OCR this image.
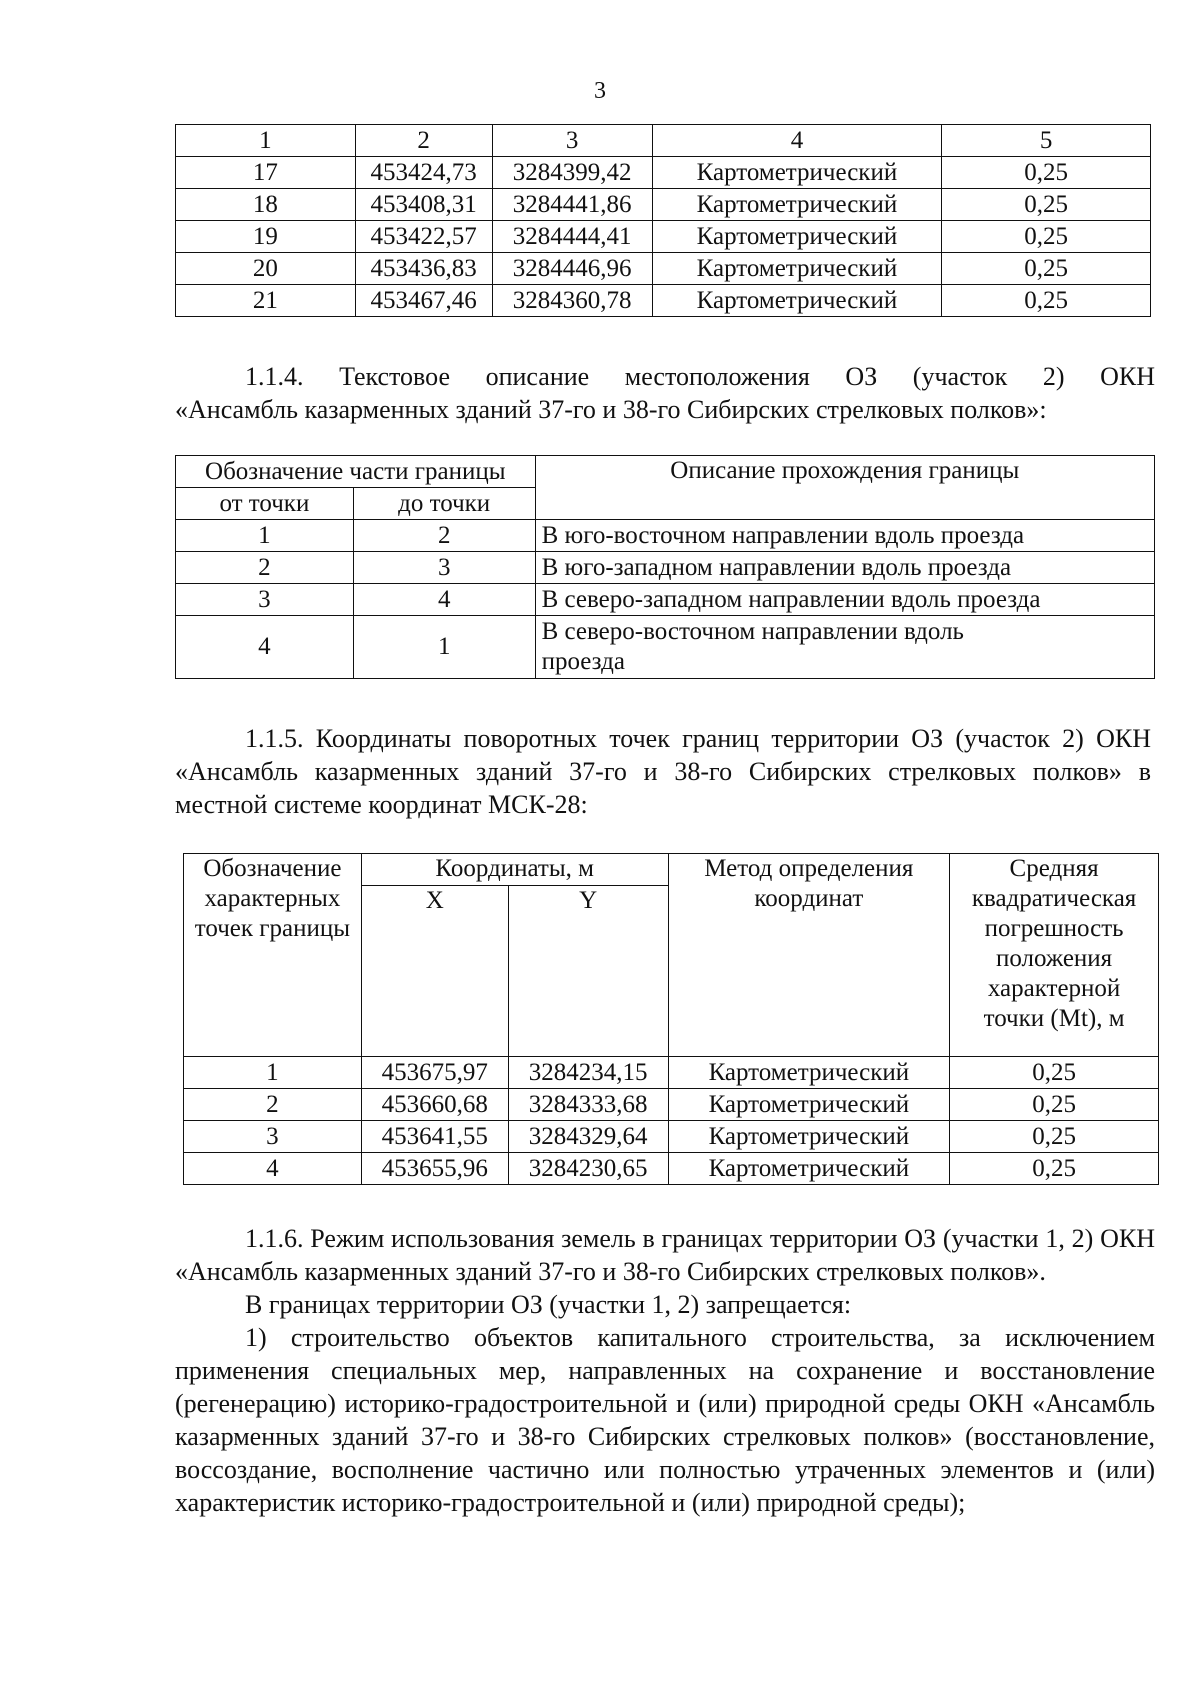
3
1	2	3	4	5
17	453424,73	3284399,42	Картометрический	0,25
18	453408,31	3284441,86	Картометрический	0,25
19	453422,57	3284444,41	Картометрический	0,25
20	453436,83	3284446,96	Картометрический	0,25
21	453467,46	3284360,78	Картометрический	0,25

1.1.4. Текстовое описание местоположения ОЗ (участок 2) ОКН

«Ансамбль казарменных зданий 37-го и 38-го Сибирских стрелковых полков»:

Обозначение части границы		Описание прохождения границы
от точки	до точки	
1	2	В юго-восточном направлении вдоль проезда
2	3	В юго-западном направлении вдоль проезда
3	4	В северо-западном направлении вдоль проезда
4	1	В северо-восточном направлении вдоль проезда

1.1.5. Координаты поворотных точек границ территории ОЗ (участок 2) ОКН «Ансамбль казарменных зданий 37-го и 38-го Сибирских стрелковых полков» в местной системе координат МСК-28:

Обозначение характерных точек границы	Координаты, м		Метод определения координат	Средняя квадратическая погрешность положения характерной точки (Mt), м
	X	Y		
1	453675,97	3284234,15	Картометрический	0,25
2	453660,68	3284333,68	Картометрический	0,25
3	453641,55	3284329,64	Картометрический	0,25
4	453655,96	3284230,65	Картометрический	0,25

1.1.6. Режим использования земель в границах территории ОЗ (участки 1, 2) ОКН «Ансамбль казарменных зданий 37-го и 38-го Сибирских стрелковых полков».

В границах территории ОЗ (участки 1, 2) запрещается:

1) строительство объектов капитального строительства, за исключением применения специальных мер, направленных на сохранение и восстановление (регенерацию) историко-градостроительной и (или) природной среды ОКН «Ансамбль казарменных зданий 37-го и 38-го Сибирских стрелковых полков» (восстановление, воссоздание, восполнение частично или полностью утраченных элементов и (или) характеристик историко-градостроительной и (или) природной среды);
